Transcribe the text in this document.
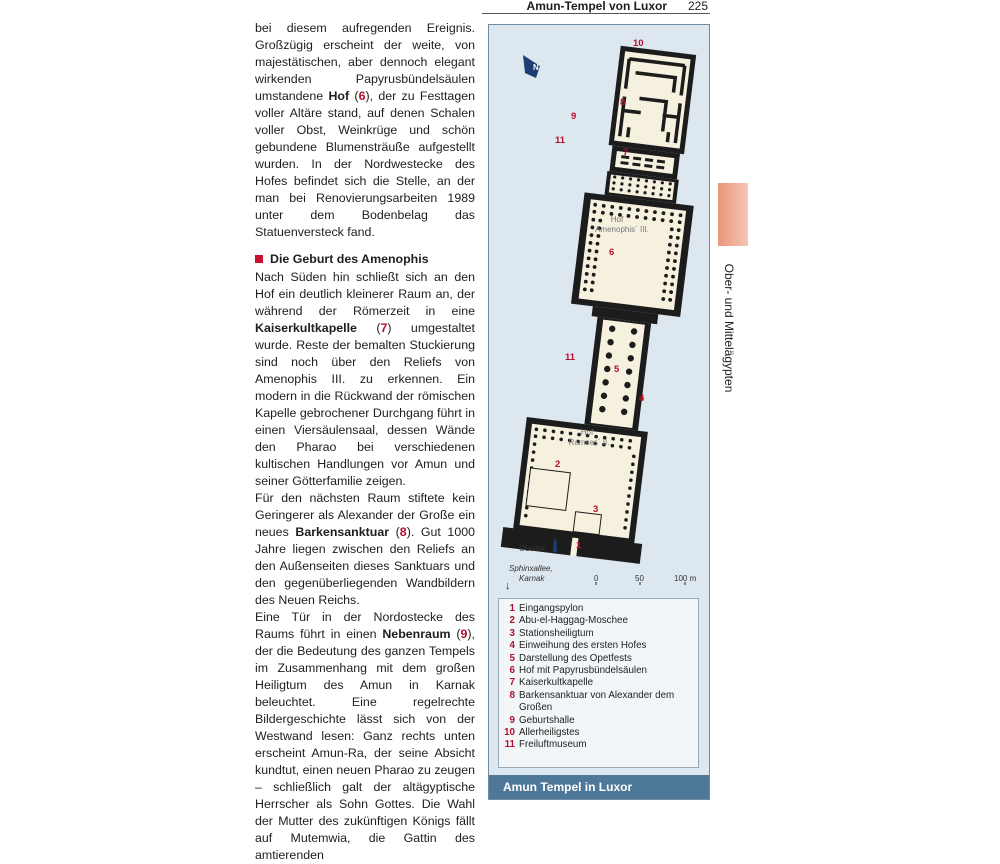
Amun-Tempel von Luxor 225

bei diesem aufregenden Ereignis. Großzügig erscheint der weite, von majestätischen, aber dennoch elegant wirkenden Papyrusbündelsäulen umstandene Hof (6), der zu Festtagen voller Altäre stand, auf denen Schalen voller Obst, Weinkrüge und schön gebundene Blumensträuße aufgestellt wurden. In der Nordwestecke des Hofes befindet sich die Stelle, an der man bei Renovierungsarbeiten 1989 unter dem Bodenbelag das Statuenversteck fand.

Die Geburt des Amenophis

Nach Süden hin schließt sich an den Hof ein deutlich kleinerer Raum an, der während der Römerzeit in eine Kaiserkultkapelle (7) umgestaltet wurde. Reste der bemalten Stuckierung sind noch über den Reliefs von Amenophis III. zu erkennen. Ein modern in die Rückwand der römischen Kapelle gebrochener Durchgang führt in einen Viersäulensaal, dessen Wände den Pharao bei verschiedenen kultischen Handlungen vor Amun und seiner Götterfamilie zeigen.

Für den nächsten Raum stiftete kein Geringerer als Alexander der Große ein neues Barkensanktuar (8). Gut 1000 Jahre liegen zwischen den Reliefs an den Außenseiten dieses Sanktuars und den gegenüberliegenden Wandbildern des Neuen Reichs.

Eine Tür in der Nordostecke des Raums führt in einen Nebenraum (9), der die Bedeutung des ganzen Tempels im Zusammenhang mit dem großen Heiligtum des Amun in Karnak beleuchtet. Eine regelrechte Bildergeschichte lässt sich von der Westwand lesen: Ganz rechts unten erscheint Amun-Ra, der seine Absicht kundtut, einen neuen Pharao zu zeugen – schließlich galt der altägyptische Herrscher als Sohn Gottes. Die Wahl der Mutter des zukünftigen Königs fällt auf Mutemwia, die Gattin des amtierenden

N
Hof
Amenophis´ III.
Hof
Ramses´ II.
10
8
9
11
7
6
11
5
4
2
3
1
Obelisk
Sphinxallee,
Karnak	0	50	100 m
↓
1 Eingangspylon
2 Abu-el-Haggag-Moschee
3 Stationsheiligtum
4 Einweihung des ersten Hofes
5 Darstellung des Opetfests
6 Hof mit Papyrusbündelsäulen
7 Kaiserkultkapelle
8 Barkensanktuar von Alexander dem Großen
9 Geburtshalle
10 Allerheiligstes
11 Freiluftmuseum
Amun Tempel in Luxor
Ober- und Mittelägypten
